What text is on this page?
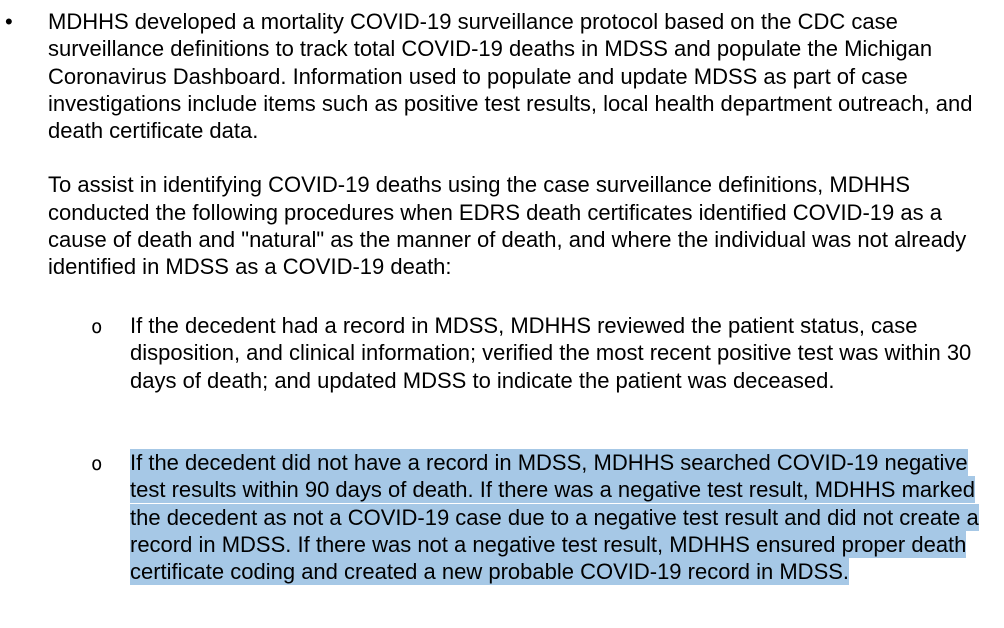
• MDHHS developed a mortality COVID-19 surveillance protocol based on the CDC case surveillance definitions to track total COVID-19 deaths in MDSS and populate the Michigan Coronavirus Dashboard. Information used to populate and update MDSS as part of case investigations include items such as positive test results, local health department outreach, and death certificate data.

To assist in identifying COVID-19 deaths using the case surveillance definitions, MDHHS conducted the following procedures when EDRS death certificates identified COVID-19 as a cause of death and "natural" as the manner of death, and where the individual was not already identified in MDSS as a COVID-19 death:

o If the decedent had a record in MDSS, MDHHS reviewed the patient status, case disposition, and clinical information; verified the most recent positive test was within 30 days of death; and updated MDSS to indicate the patient was deceased.
o If the decedent did not have a record in MDSS, MDHHS searched COVID-19 negative test results within 90 days of death. If there was a negative test result, MDHHS marked the decedent as not a COVID-19 case due to a negative test result and did not create a record in MDSS. If there was not a negative test result, MDHHS ensured proper death certificate coding and created a new probable COVID-19 record in MDSS.
